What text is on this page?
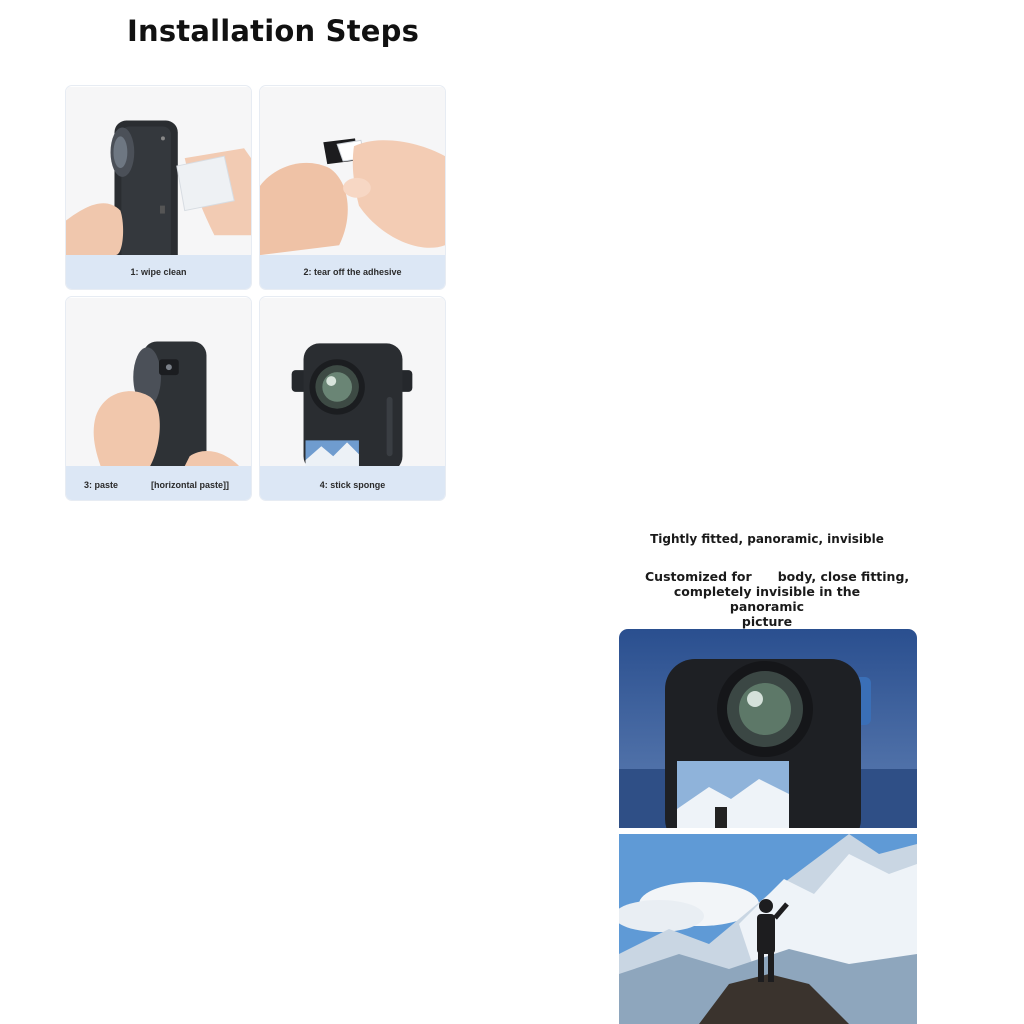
Installation Steps
1: wipe clean	2: tear off the adhesive
3: paste	[horizontal paste]]	4: stick sponge
Tightly fitted, panoramic, invisible
Customized for      body, close fitting,
completely invisible in the panoramic
picture
